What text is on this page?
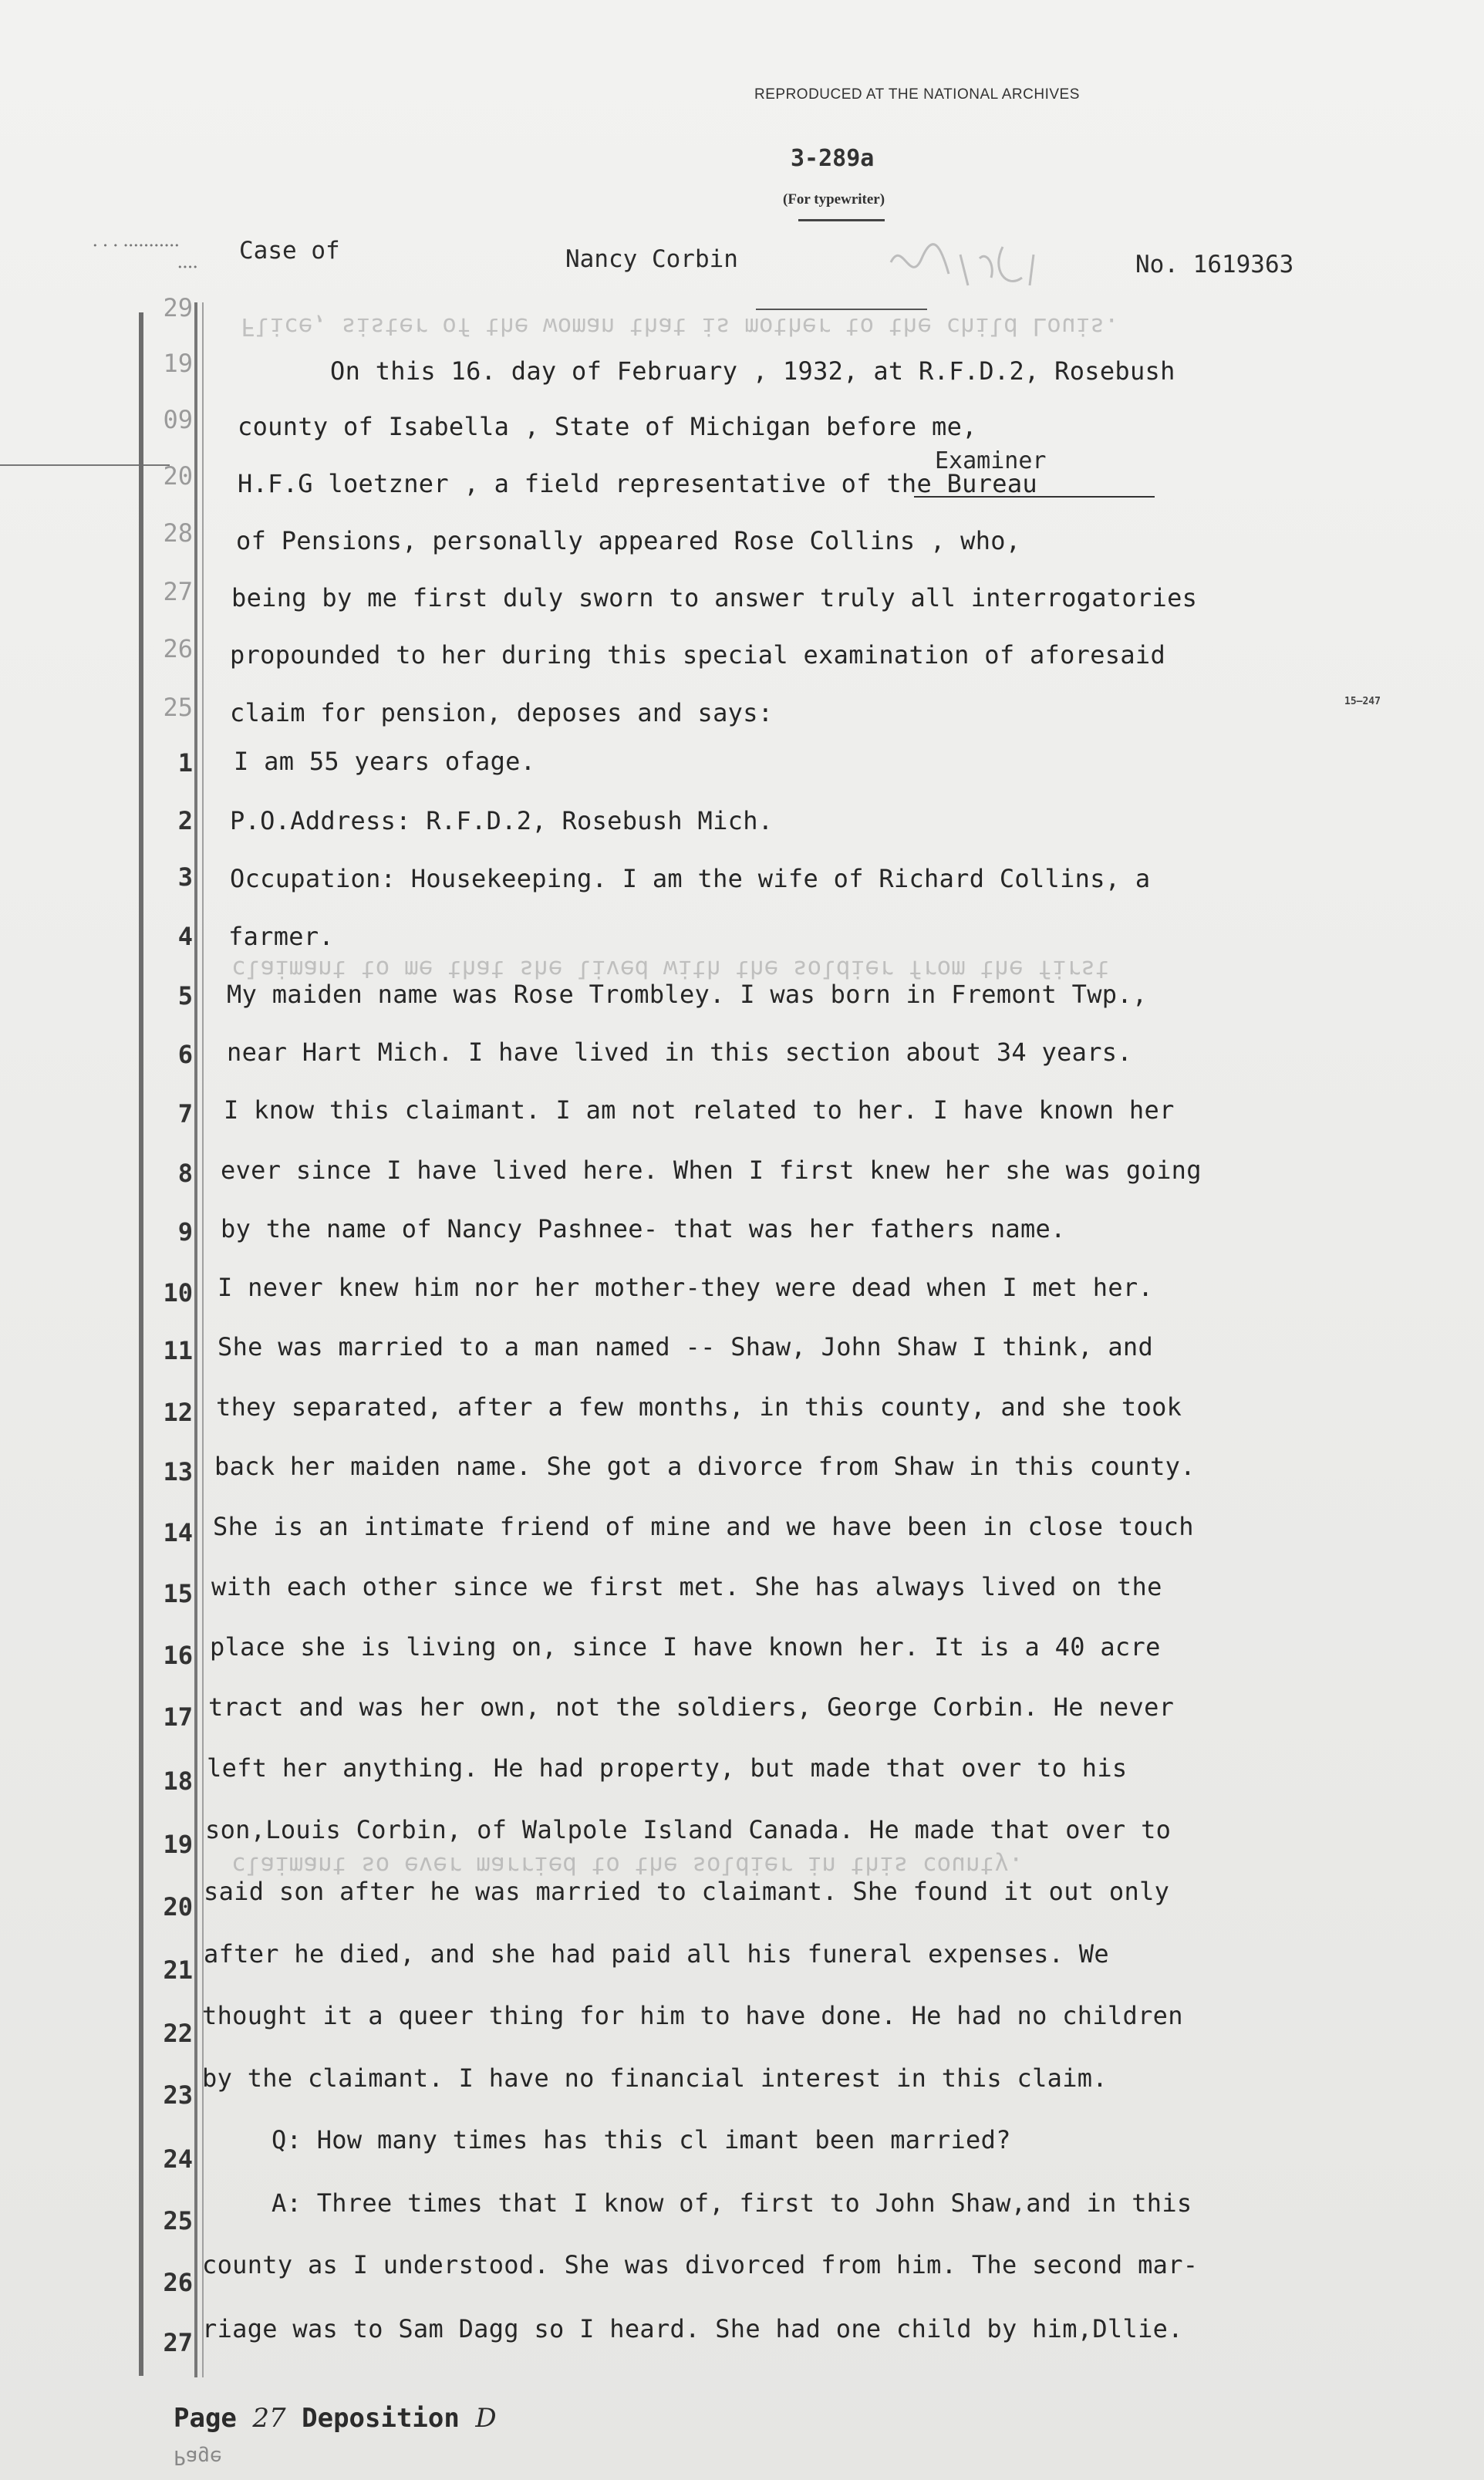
REPRODUCED AT THE NATIONAL ARCHIVES
3-289a
(For typewriter)
• • • •••••••••••
••••
Case of	Nancy Corbin	No. 1619363
Flice, sister of the woman that is mother to the child Louis.
claimant to me that she lived with the soldier from the first
claimant so ever married to the soldier in this county.
29
19
09
20
28
27
26
25
1
2
3
4
5
6
7
8
9
10
11
12
13
14
15
16
17
18
19
20
21
22
23
24
25
26
27
Examiner
15—247
On this 16. day of February , 1932, at R.F.D.2, Rosebush
county of Isabella , State of Michigan before me,
H.F.G loetzner , a field representative of the Bureau
of Pensions, personally appeared Rose Collins , who,
being by me first duly sworn to answer truly all interrogatories
propounded to her during this special examination of aforesaid
claim for pension, deposes and says:
I am 55 years ofage.
P.O.Address: R.F.D.2, Rosebush Mich.
Occupation: Housekeeping. I am the wife of Richard Collins, a
farmer.
My maiden name was Rose Trombley. I was born in Fremont Twp.,
near Hart Mich. I have lived in this section about 34 years.
I know this claimant. I am not related to her. I have known her
ever since I have lived here. When I first knew her she was going
by the name of Nancy Pashnee- that was her fathers name.
I never knew him nor her mother-they were dead when I met her.
She was married to a man named -- Shaw, John Shaw I think, and
they separated, after a few months, in this county, and she took
back her maiden name. She got a divorce from Shaw in this county.
She is an intimate friend of mine and we have been in close touch
with each other since we first met. She has always lived on the
place she is living on, since I have known her. It is a 40 acre
tract and was her own, not the soldiers, George Corbin. He never
left her anything. He had property, but made that over to his
son,Louis Corbin, of Walpole Island Canada. He made that over to
said son after he was married to claimant. She found it out only
after he died, and she had paid all his funeral expenses. We
thought it a queer thing for him to have done. He had no children
by the claimant. I have no financial interest in this claim.
Q: How many times has this cl imant been married?
A: Three times that I know of, first to John Shaw,and in this
county as I understood. She was divorced from him. The second mar-
riage was to Sam Dagg so I heard. She had one child by him,Dllie.
Page 27 Deposition D
Page
